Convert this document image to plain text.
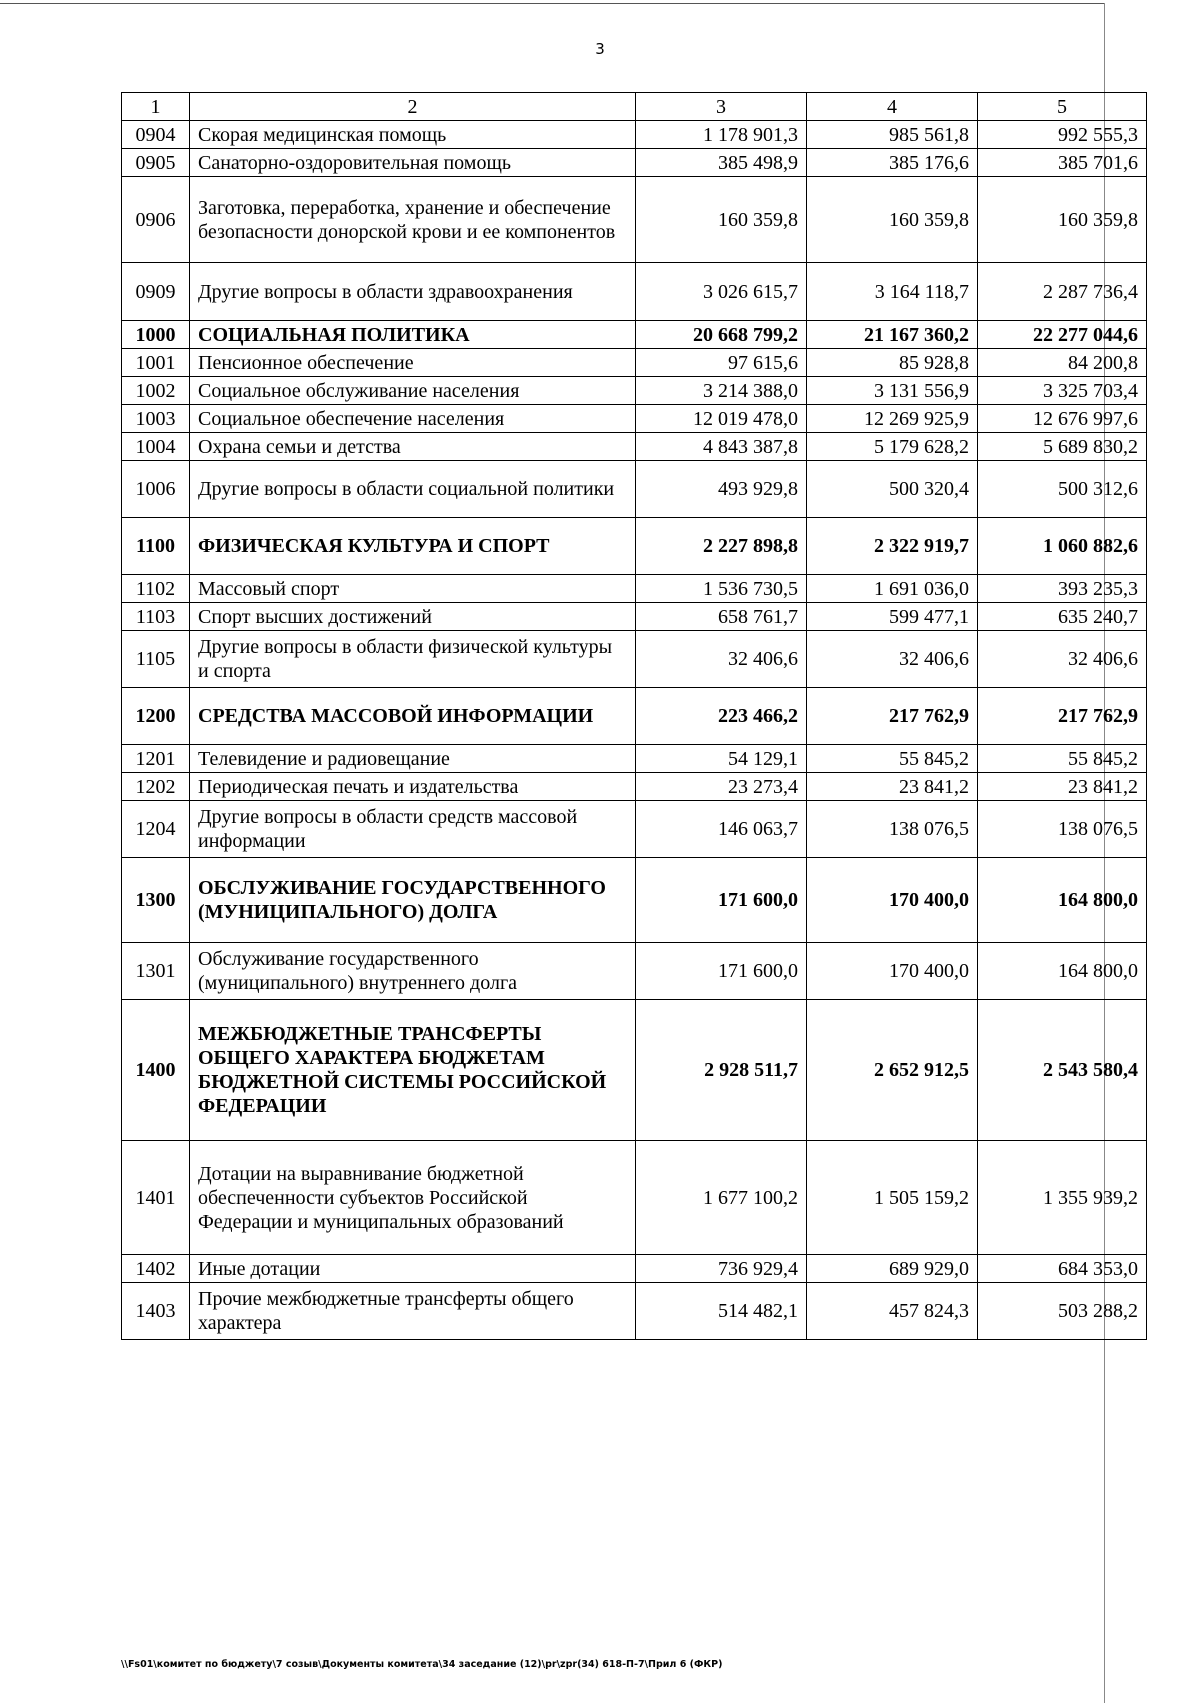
3
1	2	3	4	5
0904	Скорая медицинская помощь	1 178 901,3	985 561,8	992 555,3
0905	Санаторно-оздоровительная помощь	385 498,9	385 176,6	385 701,6
0906	Заготовка, переработка, хранение и обеспечение безопасности донорской крови и ее компонентов	160 359,8	160 359,8	160 359,8
0909	Другие вопросы в области здравоохранения	3 026 615,7	3 164 118,7	2 287 736,4
1000	СОЦИАЛЬНАЯ ПОЛИТИКА	20 668 799,2	21 167 360,2	22 277 044,6
1001	Пенсионное обеспечение	97 615,6	85 928,8	84 200,8
1002	Социальное обслуживание населения	3 214 388,0	3 131 556,9	3 325 703,4
1003	Социальное обеспечение населения	12 019 478,0	12 269 925,9	12 676 997,6
1004	Охрана семьи и детства	4 843 387,8	5 179 628,2	5 689 830,2
1006	Другие вопросы в области социальной политики	493 929,8	500 320,4	500 312,6
1100	ФИЗИЧЕСКАЯ КУЛЬТУРА И СПОРТ	2 227 898,8	2 322 919,7	1 060 882,6
1102	Массовый спорт	1 536 730,5	1 691 036,0	393 235,3
1103	Спорт высших достижений	658 761,7	599 477,1	635 240,7
1105	Другие вопросы в области физической культуры и спорта	32 406,6	32 406,6	32 406,6
1200	СРЕДСТВА МАССОВОЙ ИНФОРМАЦИИ	223 466,2	217 762,9	217 762,9
1201	Телевидение и радиовещание	54 129,1	55 845,2	55 845,2
1202	Периодическая печать и издательства	23 273,4	23 841,2	23 841,2
1204	Другие вопросы в области средств массовой информации	146 063,7	138 076,5	138 076,5
1300	ОБСЛУЖИВАНИЕ ГОСУДАРСТВЕННОГО (МУНИЦИПАЛЬНОГО) ДОЛГА	171 600,0	170 400,0	164 800,0
1301	Обслуживание государственного (муниципального) внутреннего долга	171 600,0	170 400,0	164 800,0
1400	МЕЖБЮДЖЕТНЫЕ ТРАНСФЕРТЫ ОБЩЕГО ХАРАКТЕРА БЮДЖЕТАМ БЮДЖЕТНОЙ СИСТЕМЫ РОССИЙСКОЙ ФЕДЕРАЦИИ	2 928 511,7	2 652 912,5	2 543 580,4
1401	Дотации на выравнивание бюджетной обеспеченности субъектов Российской Федерации и муниципальных образований	1 677 100,2	1 505 159,2	1 355 939,2
1402	Иные дотации	736 929,4	689 929,0	684 353,0
1403	Прочие межбюджетные трансферты общего характера	514 482,1	457 824,3	503 288,2
\\Fs01\комитет по бюджету\7 созыв\Документы комитета\34 заседание (12)\pr\zpr(34) 618-П-7\Прил 6 (ФКР)
